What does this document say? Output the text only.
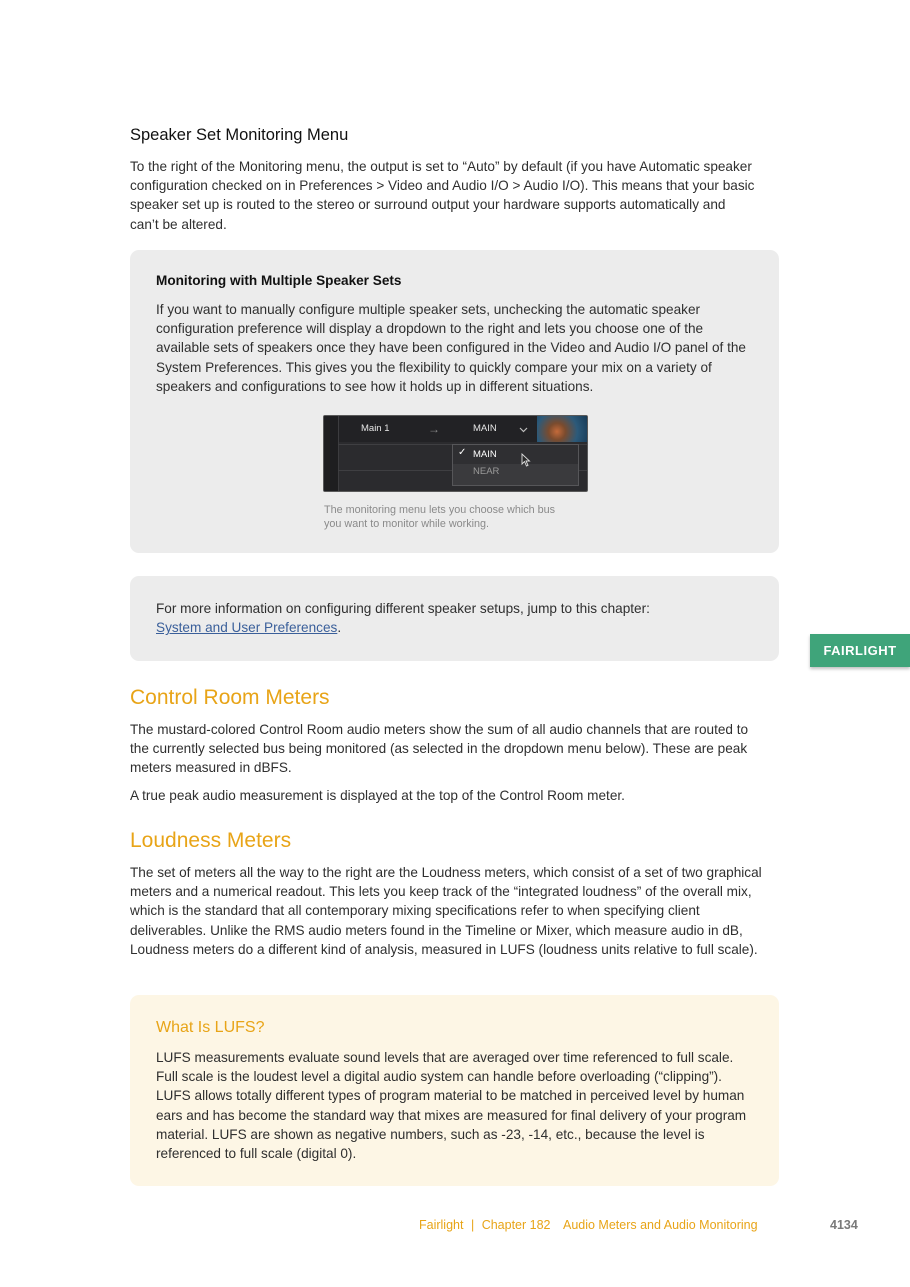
Speaker Set Monitoring Menu

To the right of the Monitoring menu, the output is set to “Auto” by default (if you have Automatic speaker configuration checked on in Preferences > Video and Audio I/O > Audio I/O). This means that your basic speaker set up is routed to the stereo or surround output your hardware supports automatically and can’t be altered.

Monitoring with Multiple Speaker Sets

If you want to manually configure multiple speaker sets, unchecking the automatic speaker configuration preference will display a dropdown to the right and lets you choose one of the available sets of speakers once they have been configured in the Video and Audio I/O panel of the System Preferences. This gives you the flexibility to quickly compare your mix on a variety of speakers and configurations to see how it holds up in different situations.

Main 1	→	MAIN
✓ MAIN
NEAR
The monitoring menu lets you choose which bus you want to monitor while working.

For more information on configuring different speaker setups, jump to this chapter:
System and User Preferences.

FAIRLIGHT
Control Room Meters

The mustard-colored Control Room audio meters show the sum of all audio channels that are routed to the currently selected bus being monitored (as selected in the dropdown menu below). These are peak meters measured in dBFS.

A true peak audio measurement is displayed at the top of the Control Room meter.

Loudness Meters

The set of meters all the way to the right are the Loudness meters, which consist of a set of two graphical meters and a numerical readout. This lets you keep track of the “integrated loudness” of the overall mix, which is the standard that all contemporary mixing specifications refer to when specifying client deliverables. Unlike the RMS audio meters found in the Timeline or Mixer, which measure audio in dB, Loudness meters do a different kind of analysis, measured in LUFS (loudness units relative to full scale).

What Is LUFS?

LUFS measurements evaluate sound levels that are averaged over time referenced to full scale. Full scale is the loudest level a digital audio system can handle before overloading (“clipping”). LUFS allows totally different types of program material to be matched in perceived level by human ears and has become the standard way that mixes are measured for final delivery of your program material. LUFS are shown as negative numbers, such as -23, -14, etc., because the level is referenced to full scale (digital 0).

Fairlight | Chapter 182 Audio Meters and Audio Monitoring	4134
